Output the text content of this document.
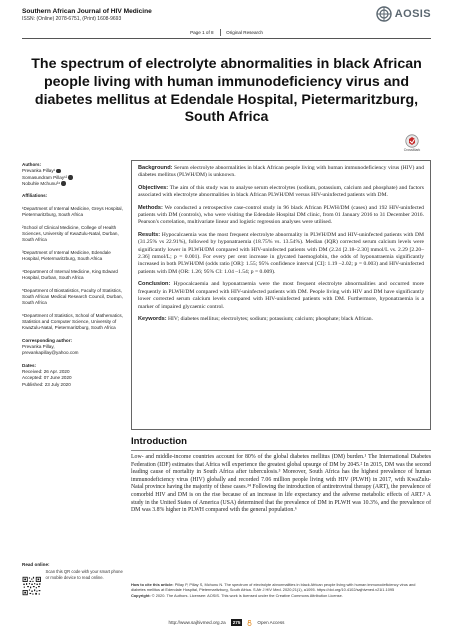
Southern African Journal of HIV Medicine
ISSN: (Online) 2078-6751, (Print) 1608-9693	AOSIS
Page 1 of 8	Original Research
The spectrum of electrolyte abnormalities in black African people living with human immunodeficiency virus and diabetes mellitus at Edendale Hospital, Pietermaritzburg, South Africa
CrossMark
Authors:
Prevanka Pillay¹
Somasundram Pillay¹²
Nobuhle Mchunu³⁴
Affiliations:
¹Department of Internal Medicine, Greys Hospital, Pietermaritzburg, South Africa
²School of Clinical Medicine, College of Health Sciences, University of KwaZulu-Natal, Durban, South Africa
³Department of Internal Medicine, Edendale Hospital, Pietermaritzburg, South Africa
⁴Department of Internal Medicine, King Edward Hospital, Durban, South Africa
⁵Department of Biostatistics, Faculty of Statistics, South African Medical Research Council, Durban, South Africa
⁶Department of Statistics, School of Mathematics, Statistics and Computer Science, University of KwaZulu-Natal, Pietermaritzburg, South Africa
Corresponding author:
Prevanka Pillay,
prevankapillay@yahoo.com
Dates:
Received: 26 Apr. 2020
Accepted: 07 June 2020
Published: 23 July 2020
Read online:
Scan this QR code with your smart phone or mobile device to read online.

Background: Serum electrolyte abnormalities in black African people living with human immunodeficiency virus (HIV) and diabetes mellitus (PLWH/DM) is unknown.

Objectives: The aim of this study was to analyse serum electrolytes (sodium, potassium, calcium and phosphate) and factors associated with electrolyte abnormalities in black African PLWH/DM versus HIV-uninfected patients with DM.

Methods: We conducted a retrospective case-control study in 96 black African PLWH/DM (cases) and 192 HIV-uninfected patients with DM (controls), who were visiting the Edendale Hospital DM clinic, from 01 January 2016 to 31 December 2016. Pearson's correlation, multivariate linear and logistic regression analyses were utilised.

Results: Hypocalcaemia was the most frequent electrolyte abnormality in PLWH/DM and HIV-uninfected patients with DM (31.25% vs 22.91%), followed by hyponatraemia (18.75% vs. 13.54%). Median (IQR) corrected serum calcium levels were significantly lower in PLWH/DM compared with HIV-uninfected patients with DM (2.24 [2.18–2.30] mmol/L vs. 2.29 [2.20–2.36] mmol/L; p = 0.001). For every per cent increase in glycated haemoglobin, the odds of hyponatraemia significantly increased in both PLWH/DM (odds ratio [OR]: 1.55; 95% confidence interval [CI]: 1.19 –2.02; p = 0.003) and HIV-uninfected patients with DM (OR: 1.26; 95% CI: 1.04 –1.54; p = 0.009).

Conclusion: Hypocalcaemia and hyponatraemia were the most frequent electrolyte abnormalities and occurred more frequently in PLWH/DM compared with HIV-uninfected patients with DM. People living with HIV and DM have significantly lower corrected serum calcium levels compared with HIV-uninfected patients with DM. Furthermore, hyponatraemia is a marker of impaired glycaemic control.

Keywords: HIV; diabetes mellitus; electrolytes; sodium; potassium; calcium; phosphate; black African.

Introduction

Low- and middle-income countries account for 80% of the global diabetes mellitus (DM) burden.¹ The International Diabetes Federation (IDF) estimates that Africa will experience the greatest global upsurge of DM by 2045.² In 2015, DM was the second leading cause of mortality in South Africa after tuberculosis.³ Moreover, South Africa has the highest prevalence of human immunodeficiency virus (HIV) globally and recorded 7.06 million people living with HIV (PLWH) in 2017, with KwaZulu-Natal province having the majority of these cases.³⁴ Following the introduction of antiretroviral therapy (ART), the prevalence of comorbid HIV and DM is on the rise because of an increase in life expectancy and the adverse metabolic effects of ART.⁵ A study in the United States of America (USA) determined that the prevalence of DM in PLWH was 10.3%, and the prevalence of DM was 3.8% higher in PLWH compared with the general population.⁶

How to cite this article: Pillay P, Pillay S, Mchunu N. The spectrum of electrolyte abnormalities in black African people living with human immunodeficiency virus and diabetes mellitus at Edendale Hospital, Pietermaritzburg, South Africa. S Afr J HIV Med. 2020;21(1), a1095. https://doi.org/10.4102/sajhivmed.v21i1.1095

Copyright: © 2020. The Authors. Licensee: AOSIS. This work is licensed under the Creative Commons Attribution License.

http://www.sajhivmed.org.za	275	Open Access
